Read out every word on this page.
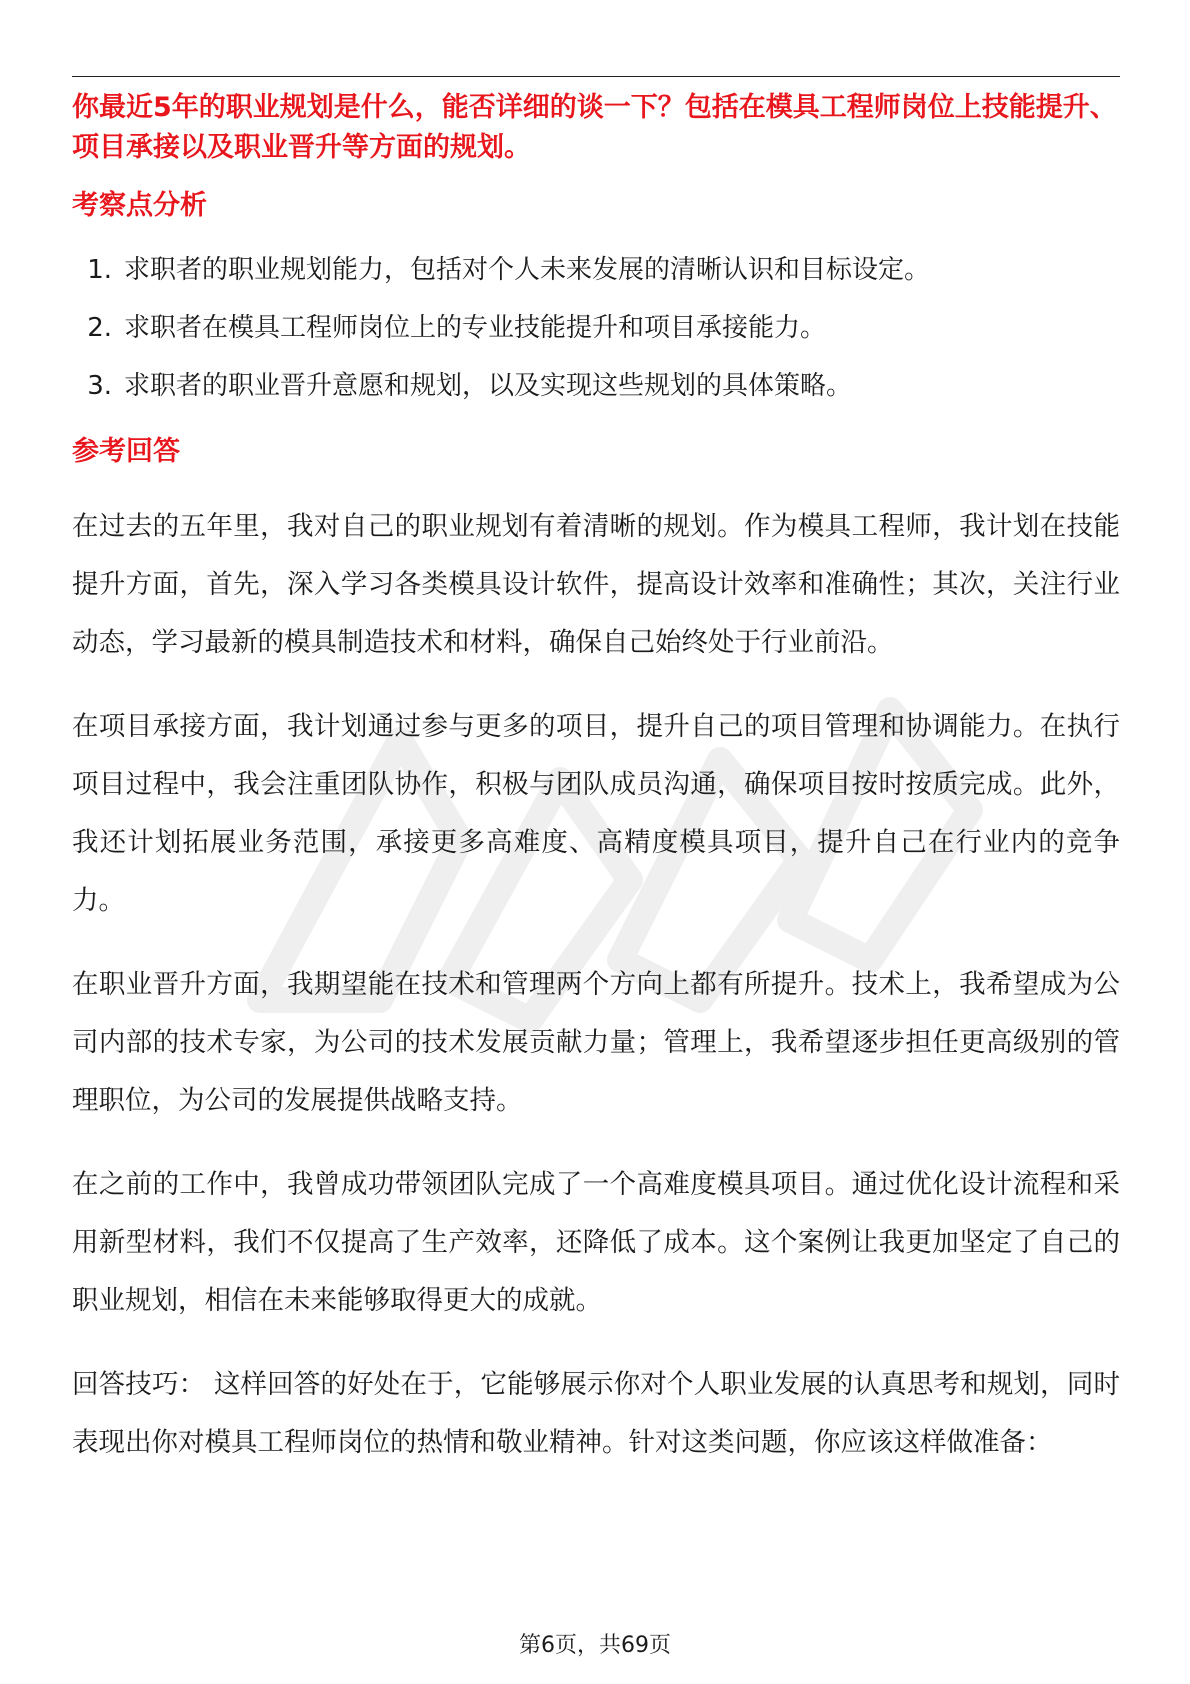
你最近5年的职业规划是什么，能否详细的谈一下？包括在模具工程师岗位上技能提升、项目承接以及职业晋升等方面的规划。

考察点分析
1. 求职者的职业规划能力，包括对个人未来发展的清晰认识和目标设定。
2. 求职者在模具工程师岗位上的专业技能提升和项目承接能力。
3. 求职者的职业晋升意愿和规划，以及实现这些规划的具体策略。
参考回答

在过去的五年里，我对自己的职业规划有着清晰的规划。作为模具工程师，我计划在技能提升方面，首先，深入学习各类模具设计软件，提高设计效率和准确性；其次，关注行业动态，学习最新的模具制造技术和材料，确保自己始终处于行业前沿。

在项目承接方面，我计划通过参与更多的项目，提升自己的项目管理和协调能力。在执行项目过程中，我会注重团队协作，积极与团队成员沟通，确保项目按时按质完成。此外，我还计划拓展业务范围，承接更多高难度、高精度模具项目，提升自己在行业内的竞争力。

在职业晋升方面，我期望能在技术和管理两个方向上都有所提升。技术上，我希望成为公司内部的技术专家，为公司的技术发展贡献力量；管理上，我希望逐步担任更高级别的管理职位，为公司的发展提供战略支持。

在之前的工作中，我曾成功带领团队完成了一个高难度模具项目。通过优化设计流程和采用新型材料，我们不仅提高了生产效率，还降低了成本。这个案例让我更加坚定了自己的职业规划，相信在未来能够取得更大的成就。

回答技巧： 这样回答的好处在于，它能够展示你对个人职业发展的认真思考和规划，同时表现出你对模具工程师岗位的热情和敬业精神。针对这类问题，你应该这样做准备：

第6页，共69页
